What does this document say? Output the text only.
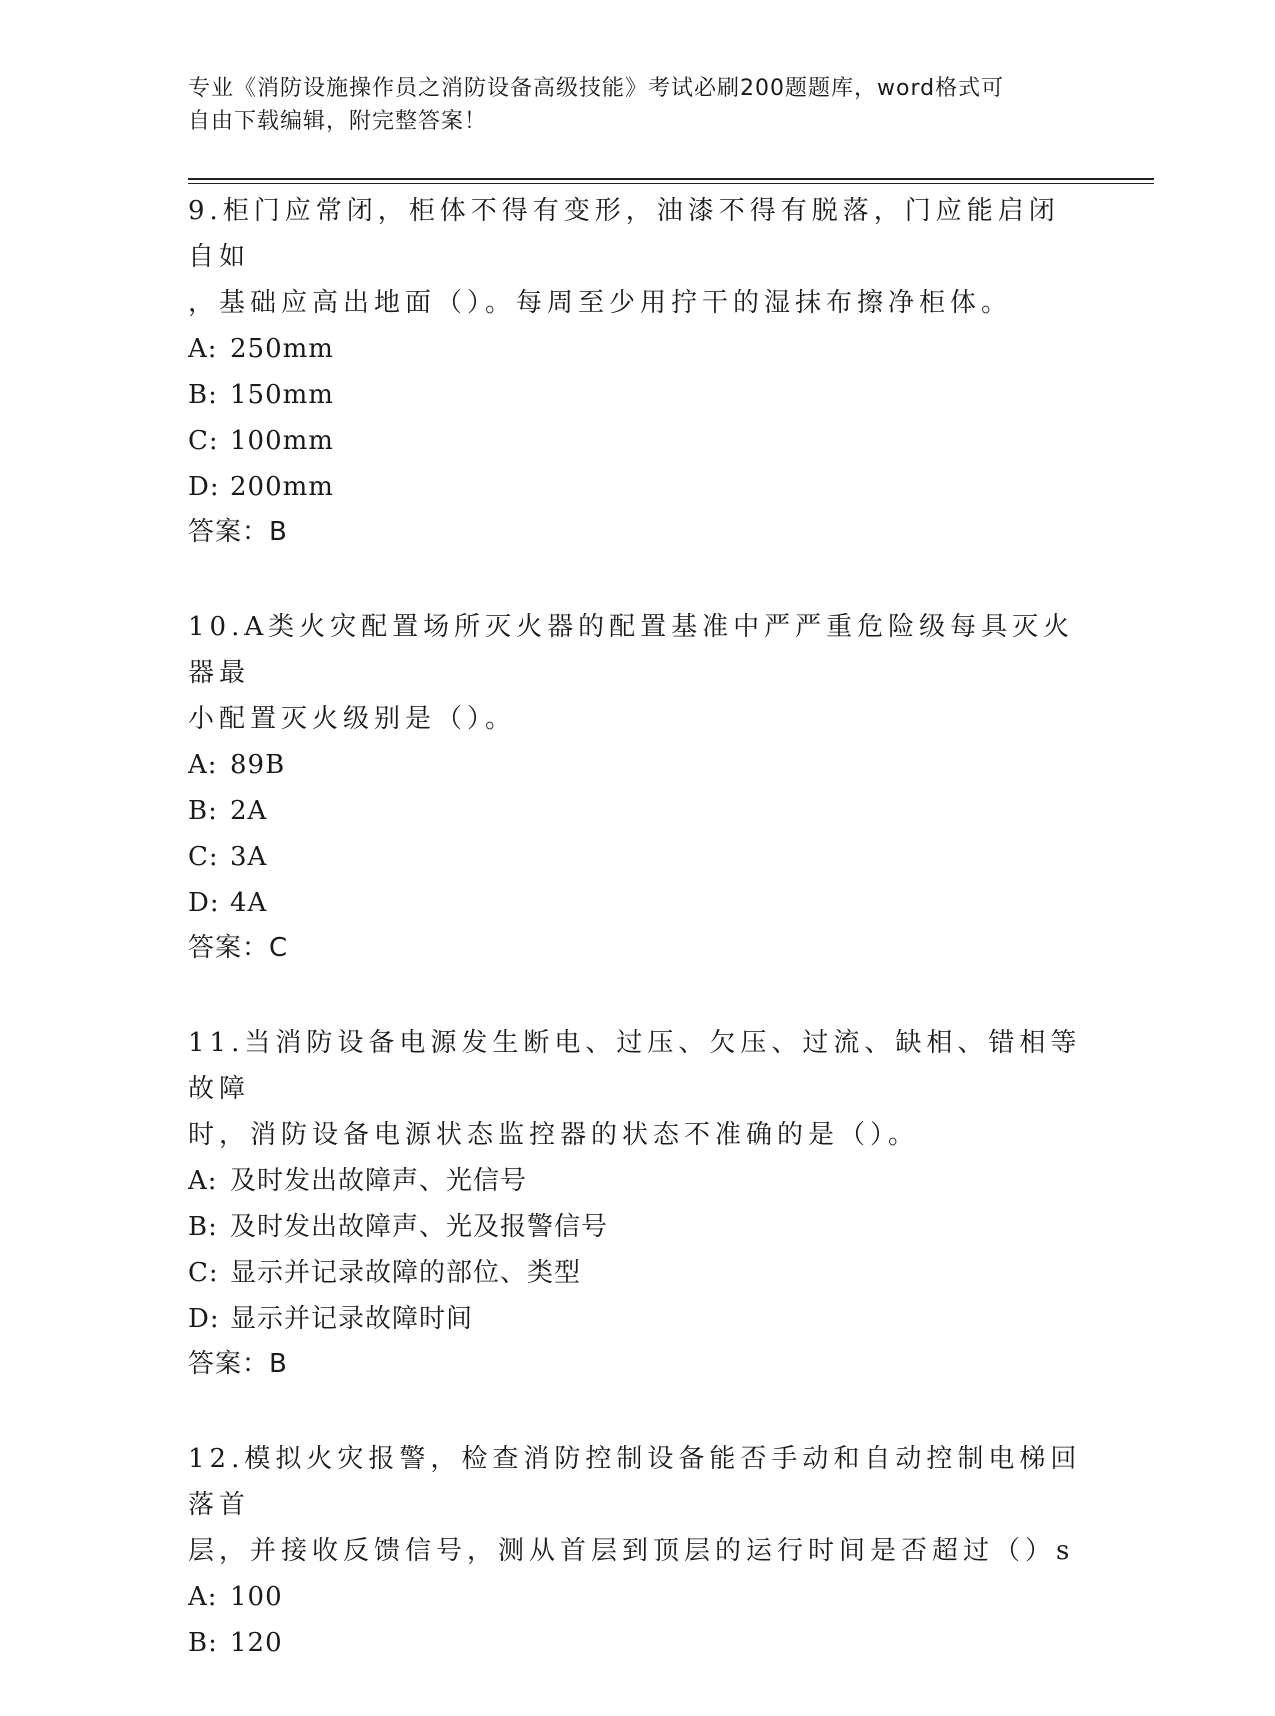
专业《消防设施操作员之消防设备高级技能》考试必刷200题题库，word格式可
自由下载编辑，附完整答案！
9.柜门应常闭，柜体不得有变形，油漆不得有脱落，门应能启闭自如
，基础应高出地面（）。每周至少用拧干的湿抹布擦净柜体。
A: 250mm
B: 150mm
C: 100mm
D: 200mm
答案：B
10.A类火灾配置场所灭火器的配置基准中严严重危险级每具灭火器最
小配置灭火级别是（）。
A: 89B
B: 2A
C: 3A
D: 4A
答案：C
11.当消防设备电源发生断电、过压、欠压、过流、缺相、错相等故障
时，消防设备电源状态监控器的状态不准确的是（）。
A: 及时发出故障声、光信号
B: 及时发出故障声、光及报警信号
C: 显示并记录故障的部位、类型
D: 显示并记录故障时间
答案：B
12.模拟火灾报警，检查消防控制设备能否手动和自动控制电梯回落首
层，并接收反馈信号，测从首层到顶层的运行时间是否超过（）s
A: 100
B: 120
